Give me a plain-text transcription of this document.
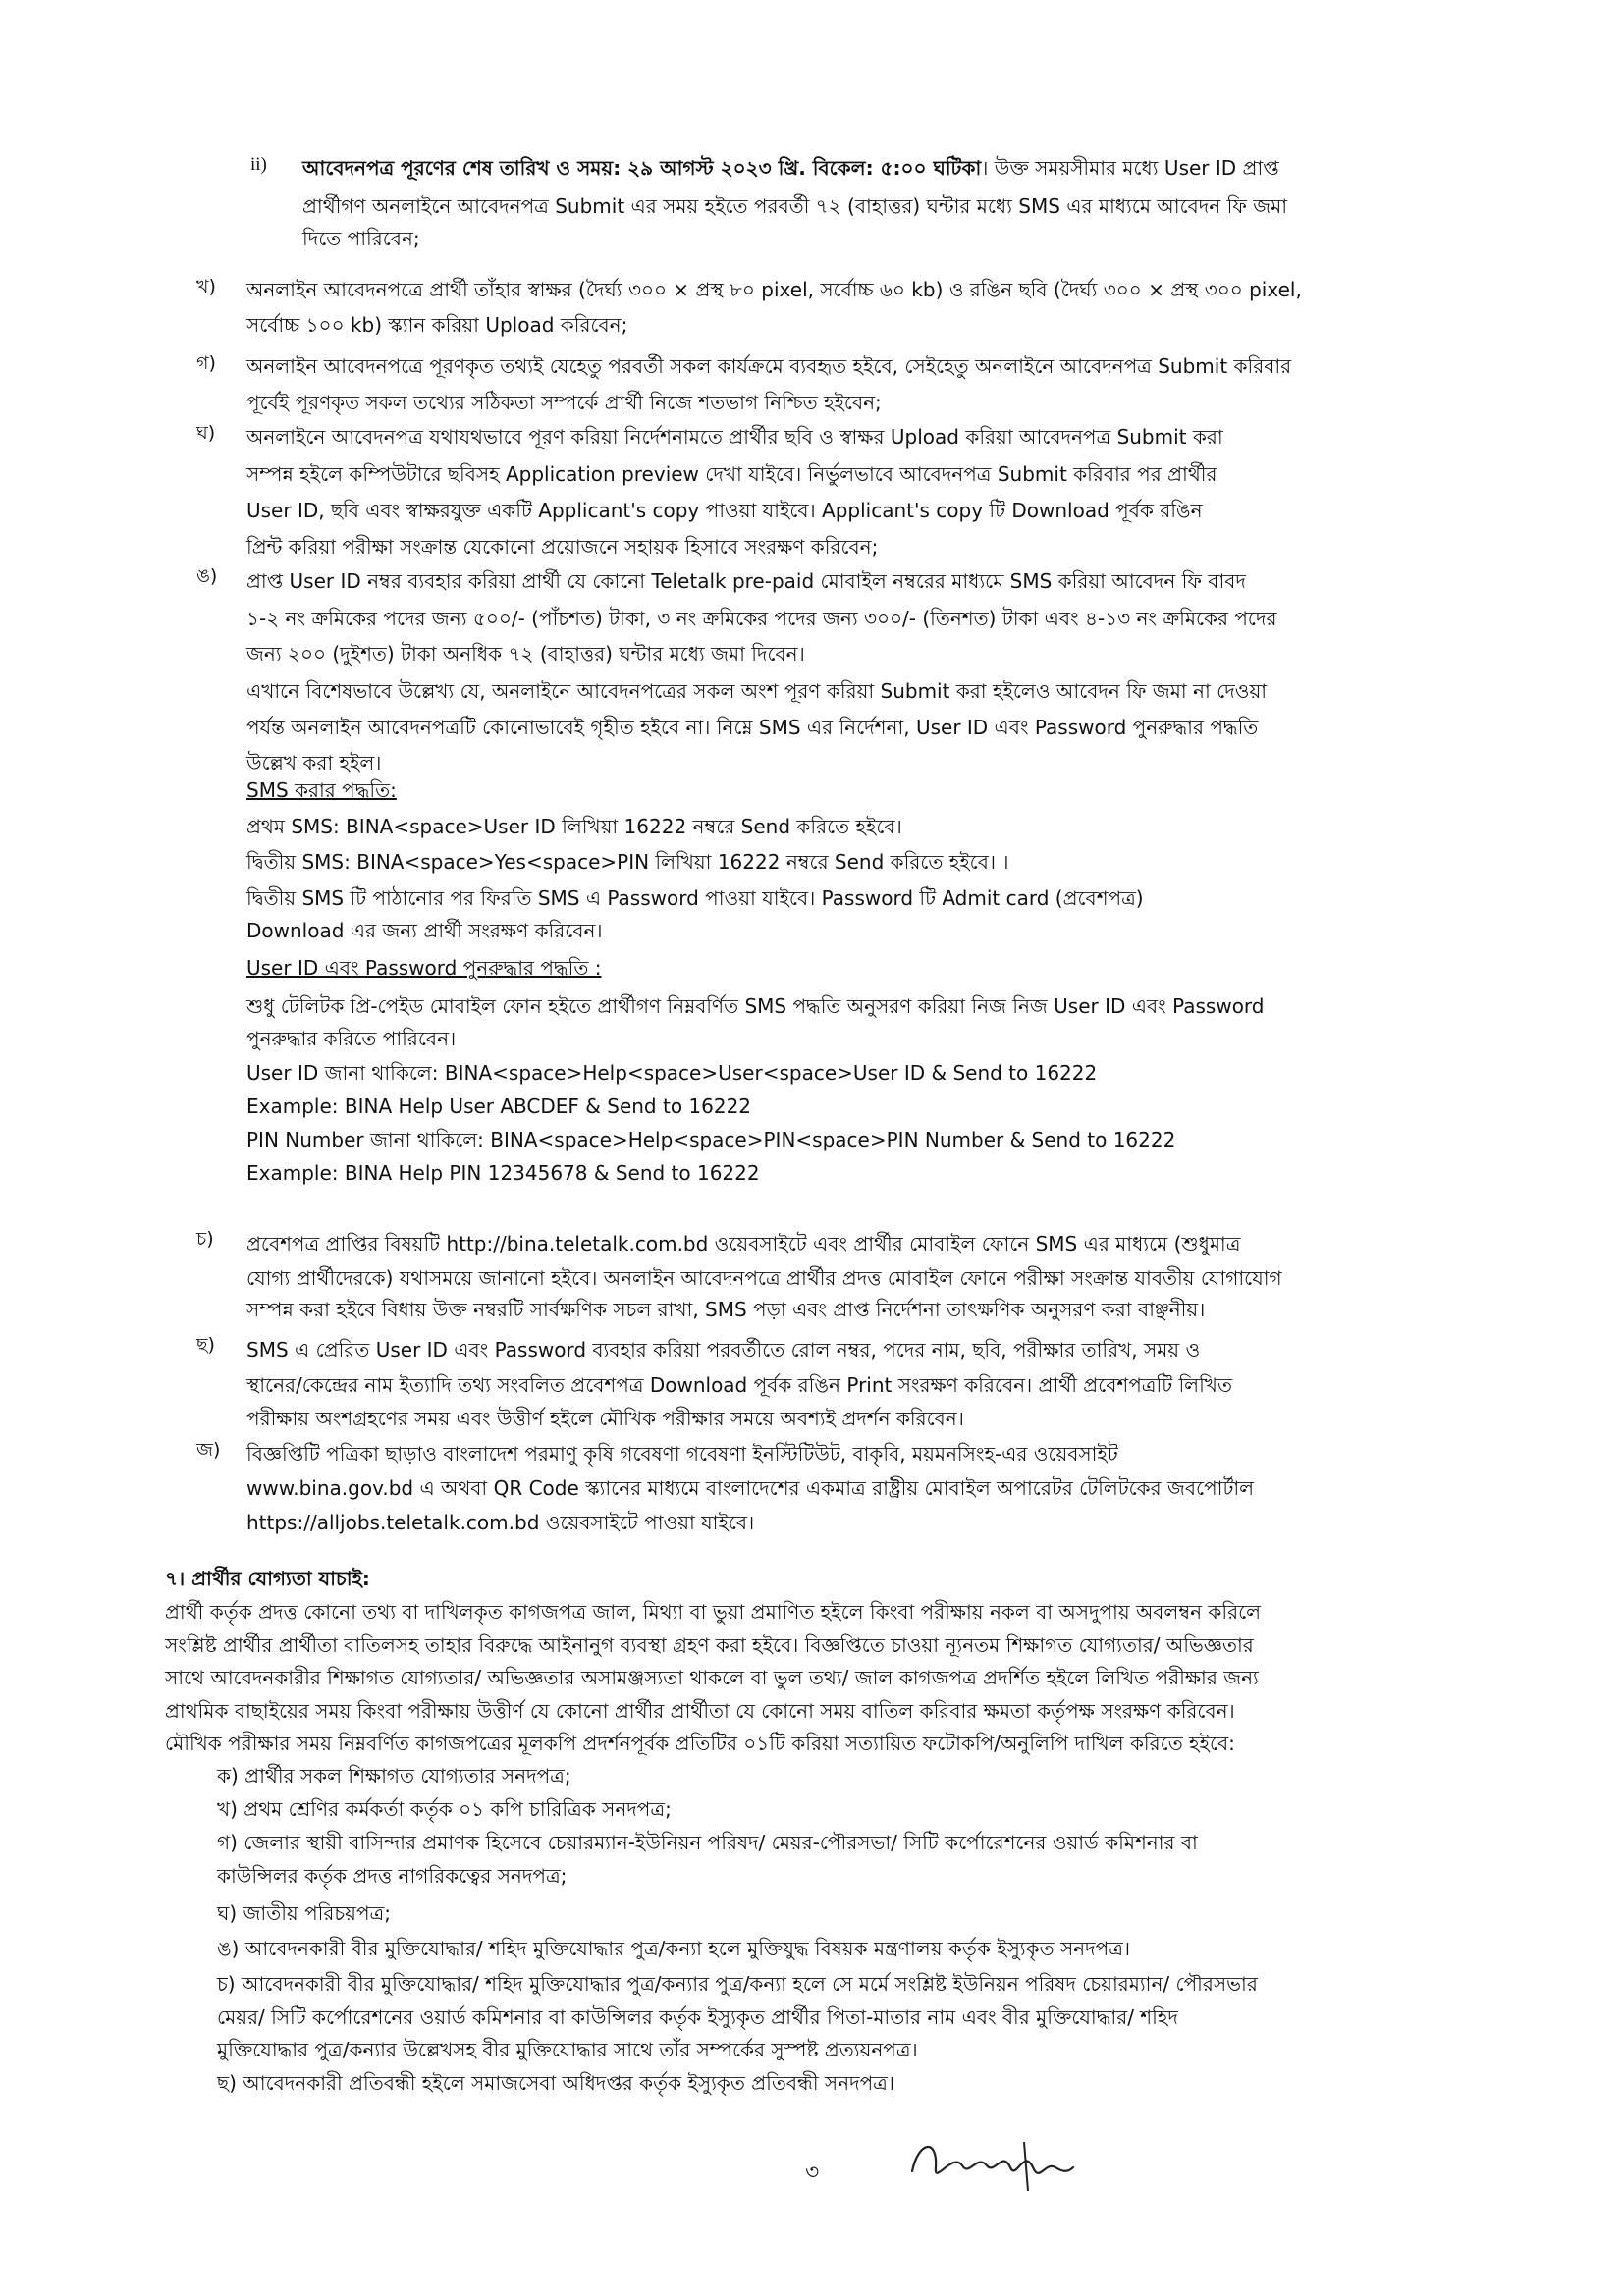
ii) আবেদনপত্র পূরণের শেষ তারিখ ও সময়: ২৯ আগস্ট ২০২৩ খ্রি. বিকেল: ৫:০০ ঘটিকা। উক্ত সময়সীমার মধ্যে User ID প্রাপ্ত
প্রার্থীগণ অনলাইনে আবেদনপত্র Submit এর সময় হইতে পরবর্তী ৭২ (বাহাত্তর) ঘন্টার মধ্যে SMS এর মাধ্যমে আবেদন ফি জমা
দিতে পারিবেন;
খ) অনলাইন আবেদনপত্রে প্রার্থী তাঁহার স্বাক্ষর (দৈর্ঘ্য ৩০০ × প্রস্থ ৮০ pixel, সর্বোচ্চ ৬০ kb) ও রঙিন ছবি (দৈর্ঘ্য ৩০০ × প্রস্থ ৩০০ pixel,
সর্বোচ্চ ১০০ kb) স্ক্যান করিয়া Upload করিবেন;
গ) অনলাইন আবেদনপত্রে পূরণকৃত তথ্যই যেহেতু পরবর্তী সকল কার্যক্রমে ব্যবহৃত হইবে, সেইহেতু অনলাইনে আবেদনপত্র Submit করিবার
পূর্বেই পূরণকৃত সকল তথ্যের সঠিকতা সম্পর্কে প্রার্থী নিজে শতভাগ নিশ্চিত হইবেন;
ঘ) অনলাইনে আবেদনপত্র যথাযথভাবে পূরণ করিয়া নির্দেশনামতে প্রার্থীর ছবি ও স্বাক্ষর Upload করিয়া আবেদনপত্র Submit করা
সম্পন্ন হইলে কম্পিউটারে ছবিসহ Application preview দেখা যাইবে। নির্ভুলভাবে আবেদনপত্র Submit করিবার পর প্রার্থীর
User ID, ছবি এবং স্বাক্ষরযুক্ত একটি Applicant's copy পাওয়া যাইবে। Applicant's copy টি Download পূর্বক রঙিন
প্রিন্ট করিয়া পরীক্ষা সংক্রান্ত যেকোনো প্রয়োজনে সহায়ক হিসাবে সংরক্ষণ করিবেন;
ঙ) প্রাপ্ত User ID নম্বর ব্যবহার করিয়া প্রার্থী যে কোনো Teletalk pre-paid মোবাইল নম্বরের মাধ্যমে SMS করিয়া আবেদন ফি বাবদ
১-২ নং ক্রমিকের পদের জন্য ৫০০/- (পাঁচশত) টাকা, ৩ নং ক্রমিকের পদের জন্য ৩০০/- (তিনশত) টাকা এবং ৪-১৩ নং ক্রমিকের পদের
জন্য ২০০ (দুইশত) টাকা অনধিক ৭২ (বাহাত্তর) ঘন্টার মধ্যে জমা দিবেন।
এখানে বিশেষভাবে উল্লেখ্য যে, অনলাইনে আবেদনপত্রের সকল অংশ পূরণ করিয়া Submit করা হইলেও আবেদন ফি জমা না দেওয়া
পর্যন্ত অনলাইন আবেদনপত্রটি কোনোভাবেই গৃহীত হইবে না। নিম্নে SMS এর নির্দেশনা, User ID এবং Password পুনরুদ্ধার পদ্ধতি
উল্লেখ করা হইল।
SMS করার পদ্ধতি:
প্রথম SMS: BINA<space>User ID লিখিয়া 16222 নম্বরে Send করিতে হইবে।
দ্বিতীয় SMS: BINA<space>Yes<space>PIN লিখিয়া 16222 নম্বরে Send করিতে হইবে। ।
দ্বিতীয় SMS টি পাঠানোর পর ফিরতি SMS এ Password পাওয়া যাইবে। Password টি Admit card (প্রবেশপত্র)
Download এর জন্য প্রার্থী সংরক্ষণ করিবেন।
User ID এবং Password পুনরুদ্ধার পদ্ধতি :
শুধু টেলিটক প্রি-পেইড মোবাইল ফোন হইতে প্রার্থীগণ নিম্নবর্ণিত SMS পদ্ধতি অনুসরণ করিয়া নিজ নিজ User ID এবং Password
পুনরুদ্ধার করিতে পারিবেন।
User ID জানা থাকিলে: BINA<space>Help<space>User<space>User ID & Send to 16222
Example: BINA Help User ABCDEF & Send to 16222
PIN Number জানা থাকিলে: BINA<space>Help<space>PIN<space>PIN Number & Send to 16222
Example: BINA Help PIN 12345678 & Send to 16222
চ) প্রবেশপত্র প্রাপ্তির বিষয়টি http://bina.teletalk.com.bd ওয়েবসাইটে এবং প্রার্থীর মোবাইল ফোনে SMS এর মাধ্যমে (শুধুমাত্র
যোগ্য প্রার্থীদেরকে) যথাসময়ে জানানো হইবে। অনলাইন আবেদনপত্রে প্রার্থীর প্রদত্ত মোবাইল ফোনে পরীক্ষা সংক্রান্ত যাবতীয় যোগাযোগ
সম্পন্ন করা হইবে বিধায় উক্ত নম্বরটি সার্বক্ষণিক সচল রাখা, SMS পড়া এবং প্রাপ্ত নির্দেশনা তাৎক্ষণিক অনুসরণ করা বাঞ্ছনীয়।
ছ) SMS এ প্রেরিত User ID এবং Password ব্যবহার করিয়া পরবর্তীতে রোল নম্বর, পদের নাম, ছবি, পরীক্ষার তারিখ, সময় ও
স্থানের/কেন্দ্রের নাম ইত্যাদি তথ্য সংবলিত প্রবেশপত্র Download পূর্বক রঙিন Print সংরক্ষণ করিবেন। প্রার্থী প্রবেশপত্রটি লিখিত
পরীক্ষায় অংশগ্রহণের সময় এবং উত্তীর্ণ হইলে মৌখিক পরীক্ষার সময়ে অবশ্যই প্রদর্শন করিবেন।
জ) বিজ্ঞপ্তিটি পত্রিকা ছাড়াও বাংলাদেশ পরমাণু কৃষি গবেষণা গবেষণা ইনস্টিটিউট, বাকৃবি, ময়মনসিংহ-এর ওয়েবসাইট
www.bina.gov.bd এ অথবা QR Code স্ক্যানের মাধ্যমে বাংলাদেশের একমাত্র রাষ্ট্রীয় মোবাইল অপারেটর টেলিটকের জবপোর্টাল
https://alljobs.teletalk.com.bd ওয়েবসাইটে পাওয়া যাইবে।
৭। প্রার্থীর যোগ্যতা যাচাই:
প্রার্থী কর্তৃক প্রদত্ত কোনো তথ্য বা দাখিলকৃত কাগজপত্র জাল, মিথ্যা বা ভুয়া প্রমাণিত হইলে কিংবা পরীক্ষায় নকল বা অসদুপায় অবলম্বন করিলে
সংশ্লিষ্ট প্রার্থীর প্রার্থীতা বাতিলসহ তাহার বিরুদ্ধে আইনানুগ ব্যবস্থা গ্রহণ করা হইবে। বিজ্ঞপ্তিতে চাওয়া ন্যূনতম শিক্ষাগত যোগ্যতার/ অভিজ্ঞতার
সাথে আবেদনকারীর শিক্ষাগত যোগ্যতার/ অভিজ্ঞতার অসামঞ্জস্যতা থাকলে বা ভুল তথ্য/ জাল কাগজপত্র প্রদর্শিত হইলে লিখিত পরীক্ষার জন্য
প্রাথমিক বাছাইয়ের সময় কিংবা পরীক্ষায় উত্তীর্ণ যে কোনো প্রার্থীর প্রার্থীতা যে কোনো সময় বাতিল করিবার ক্ষমতা কর্তৃপক্ষ সংরক্ষণ করিবেন।
মৌখিক পরীক্ষার সময় নিম্নবর্ণিত কাগজপত্রের মূলকপি প্রদর্শনপূর্বক প্রতিটির ০১টি করিয়া সত্যায়িত ফটোকপি/অনুলিপি দাখিল করিতে হইবে:
ক) প্রার্থীর সকল শিক্ষাগত যোগ্যতার সনদপত্র;
খ) প্রথম শ্রেণির কর্মকর্তা কর্তৃক ০১ কপি চারিত্রিক সনদপত্র;
গ) জেলার স্থায়ী বাসিন্দার প্রমাণক হিসেবে চেয়ারম্যান-ইউনিয়ন পরিষদ/ মেয়র-পৌরসভা/ সিটি কর্পোরেশনের ওয়ার্ড কমিশনার বা
কাউন্সিলর কর্তৃক প্রদত্ত নাগরিকত্বের সনদপত্র;
ঘ) জাতীয় পরিচয়পত্র;
ঙ) আবেদনকারী বীর মুক্তিযোদ্ধার/ শহিদ মুক্তিযোদ্ধার পুত্র/কন্যা হলে মুক্তিযুদ্ধ বিষয়ক মন্ত্রণালয় কর্তৃক ইস্যুকৃত সনদপত্র।
চ) আবেদনকারী বীর মুক্তিযোদ্ধার/ শহিদ মুক্তিযোদ্ধার পুত্র/কন্যার পুত্র/কন্যা হলে সে মর্মে সংশ্লিষ্ট ইউনিয়ন পরিষদ চেয়ারম্যান/ পৌরসভার
মেয়র/ সিটি কর্পোরেশনের ওয়ার্ড কমিশনার বা কাউন্সিলর কর্তৃক ইস্যুকৃত প্রার্থীর পিতা-মাতার নাম এবং বীর মুক্তিযোদ্ধার/ শহিদ
মুক্তিযোদ্ধার পুত্র/কন্যার উল্লেখসহ বীর মুক্তিযোদ্ধার সাথে তাঁর সম্পর্কের সুস্পষ্ট প্রত্যয়নপত্র।
ছ) আবেদনকারী প্রতিবন্ধী হইলে সমাজসেবা অধিদপ্তর কর্তৃক ইস্যুকৃত প্রতিবন্ধী সনদপত্র।
৩
